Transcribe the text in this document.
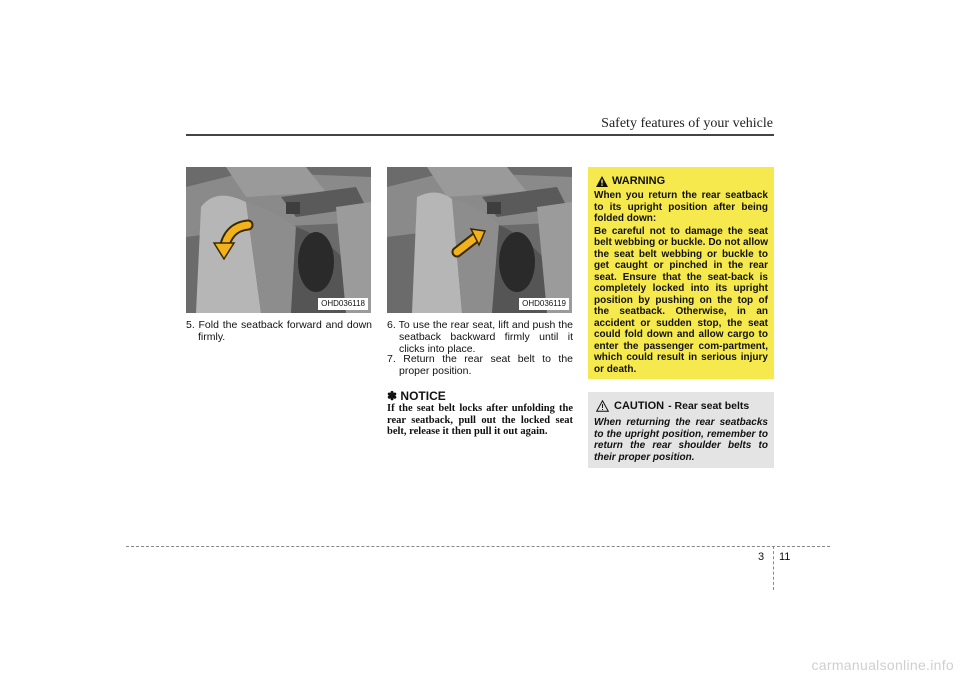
Safety features of your vehicle
OHD036118	OHD036119

5. Fold the seatback forward and down firmly.

6. To use the rear seat, lift and push the seatback backward firmly until it clicks into place.

7. Return the rear seat belt to the proper position.

✽ NOTICE

If the seat belt locks after unfolding the rear seatback, pull out the locked seat belt, release it then pull it out again.

WARNING

When you return the rear seatback to its upright position after being folded down:

Be careful not to damage the seat belt webbing or buckle. Do not allow the seat belt webbing or buckle to get caught or pinched in the rear seat. Ensure that the seat-back is completely locked into its upright position by pushing on the top of the seatback. Otherwise, in an accident or sudden stop, the seat could fold down and allow cargo to enter the passenger com-partment, which could result in serious injury or death.

CAUTION - Rear seat belts

When returning the rear seatbacks to the upright position, remember to return the rear shoulder belts to their proper position.

3 11
carmanualsonline.info
